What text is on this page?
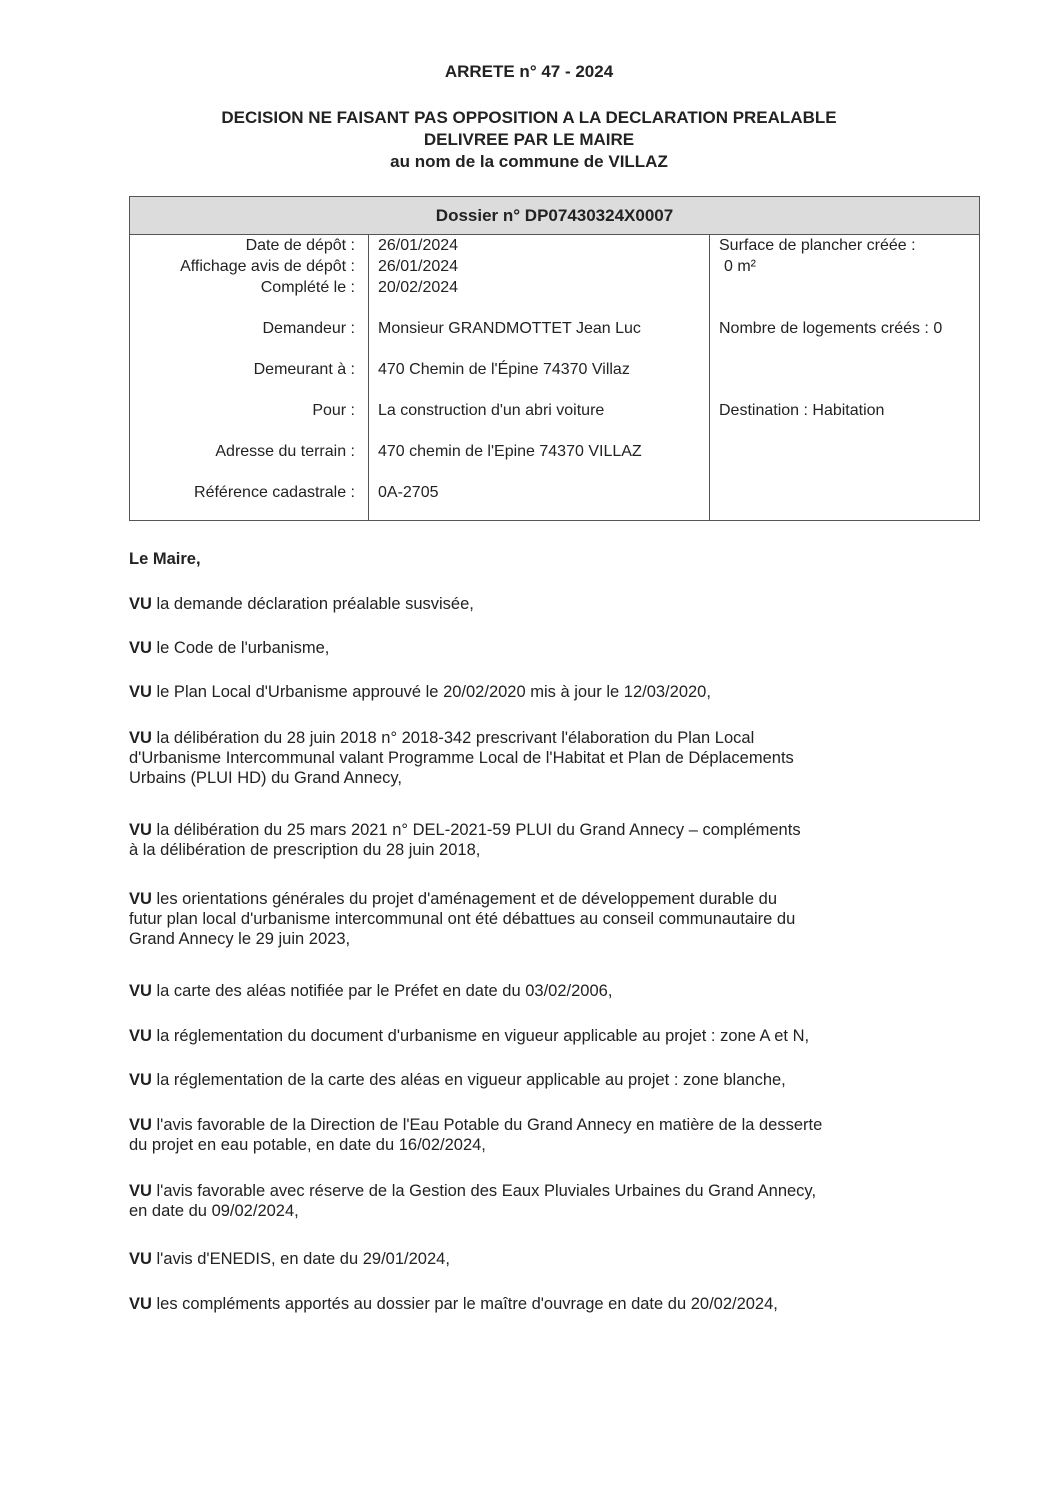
ARRETE n° 47 - 2024
DECISION NE FAISANT PAS OPPOSITION A LA DECLARATION PREALABLE
DELIVREE PAR LE MAIRE
au nom de la commune de VILLAZ
Dossier n° DP07430324X0007
Date de dépôt : 26/01/2024
Affichage avis de dépôt : 26/01/2024
Complété le : 20/02/2024
Surface de plancher créée :
0 m²
Demandeur : Monsieur GRANDMOTTET Jean Luc	Nombre de logements créés : 0
Demeurant à : 470 Chemin de l'Épine 74370 Villaz
Pour : La construction d'un abri voiture	Destination : Habitation
Adresse du terrain : 470 chemin de l'Epine 74370 VILLAZ
Référence cadastrale : 0A-2705
Le Maire,
VU la demande déclaration préalable susvisée,
VU le Code de l'urbanisme,
VU le Plan Local d'Urbanisme approuvé le 20/02/2020 mis à jour le 12/03/2020,
VU la délibération du 28 juin 2018 n° 2018-342 prescrivant l'élaboration du Plan Local
d'Urbanisme Intercommunal valant Programme Local de l'Habitat et Plan de Déplacements
Urbains (PLUI HD) du Grand Annecy,
VU la délibération du 25 mars 2021 n° DEL-2021-59 PLUI du Grand Annecy – compléments
à la délibération de prescription du 28 juin 2018,
VU les orientations générales du projet d'aménagement et de développement durable du
futur plan local d'urbanisme intercommunal ont été débattues au conseil communautaire du
Grand Annecy le 29 juin 2023,
VU la carte des aléas notifiée par le Préfet en date du 03/02/2006,
VU la réglementation du document d'urbanisme en vigueur applicable au projet : zone A et N,
VU la réglementation de la carte des aléas en vigueur applicable au projet : zone blanche,
VU l'avis favorable de la Direction de l'Eau Potable du Grand Annecy en matière de la desserte
du projet en eau potable, en date du 16/02/2024,
VU l'avis favorable avec réserve de la Gestion des Eaux Pluviales Urbaines du Grand Annecy,
en date du 09/02/2024,
VU l'avis d'ENEDIS, en date du 29/01/2024,
VU les compléments apportés au dossier par le maître d'ouvrage en date du 20/02/2024,
